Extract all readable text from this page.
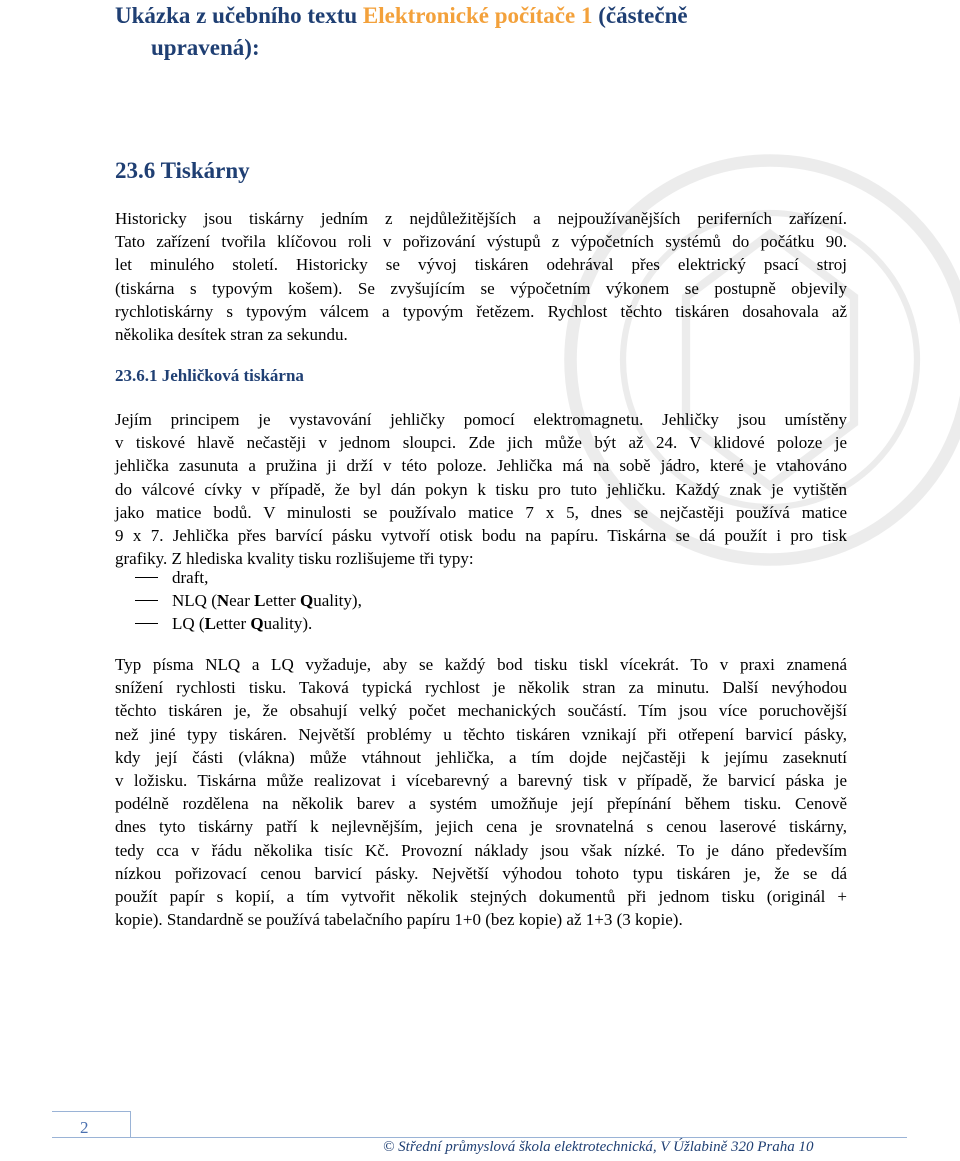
Ukázka z učebního textu Elektronické počítače 1 (částečně
upravená):
23.6 Tiskárny

Historicky jsou tiskárny jedním z nejdůležitějších a nejpoužívanějších periferních zařízení.
Tato zařízení tvořila klíčovou roli v pořizování výstupů z výpočetních systémů do počátku 90.
let minulého století. Historicky se vývoj tiskáren odehrával přes elektrický psací stroj
(tiskárna s typovým košem). Se zvyšujícím se výpočetním výkonem se postupně objevily
rychlotiskárny s typovým válcem a typovým řetězem. Rychlost těchto tiskáren dosahovala až
několika desítek stran za sekundu.

23.6.1 Jehličková tiskárna

Jejím principem je vystavování jehličky pomocí elektromagnetu. Jehličky jsou umístěny
v tiskové hlavě nečastěji v jednom sloupci. Zde jich může být až 24. V klidové poloze je
jehlička zasunuta a pružina ji drží v této poloze. Jehlička má na sobě jádro, které je vtahováno
do válcové cívky v případě, že byl dán pokyn k tisku pro tuto jehličku. Každý znak je vytištěn
jako matice bodů. V minulosti se používalo matice 7 x 5, dnes se nejčastěji používá matice
9 x 7. Jehlička přes barvící pásku vytvoří otisk bodu na papíru. Tiskárna se dá použít i pro tisk
grafiky. Z hlediska kvality tisku rozlišujeme tři typy:

draft,
NLQ (Near Letter Quality),
LQ (Letter Quality).

Typ písma NLQ a LQ vyžaduje, aby se každý bod tisku tiskl vícekrát. To v praxi znamená
snížení rychlosti tisku. Taková typická rychlost je několik stran za minutu. Další nevýhodou
těchto tiskáren je, že obsahují velký počet mechanických součástí. Tím jsou více poruchovější
než jiné typy tiskáren. Největší problémy u těchto tiskáren vznikají při otřepení barvicí pásky,
kdy její části (vlákna) může vtáhnout jehlička, a tím dojde nejčastěji k jejímu zaseknutí
v ložisku. Tiskárna může realizovat i vícebarevný a barevný tisk v případě, že barvicí páska je
podélně rozdělena na několik barev a systém umožňuje její přepínání během tisku. Cenově
dnes tyto tiskárny patří k nejlevnějším, jejich cena je srovnatelná s cenou laserové tiskárny,
tedy cca v řádu několika tisíc Kč. Provozní náklady jsou však nízké. To je dáno především
nízkou pořizovací cenou barvicí pásky. Největší výhodou tohoto typu tiskáren je, že se dá
použít papír s kopií, a tím vytvořit několik stejných dokumentů při jednom tisku (originál +
kopie). Standardně se používá tabelačního papíru 1+0 (bez kopie) až 1+3 (3 kopie).

2
© Střední průmyslová škola elektrotechnická, V Úžlabině 320 Praha 10
